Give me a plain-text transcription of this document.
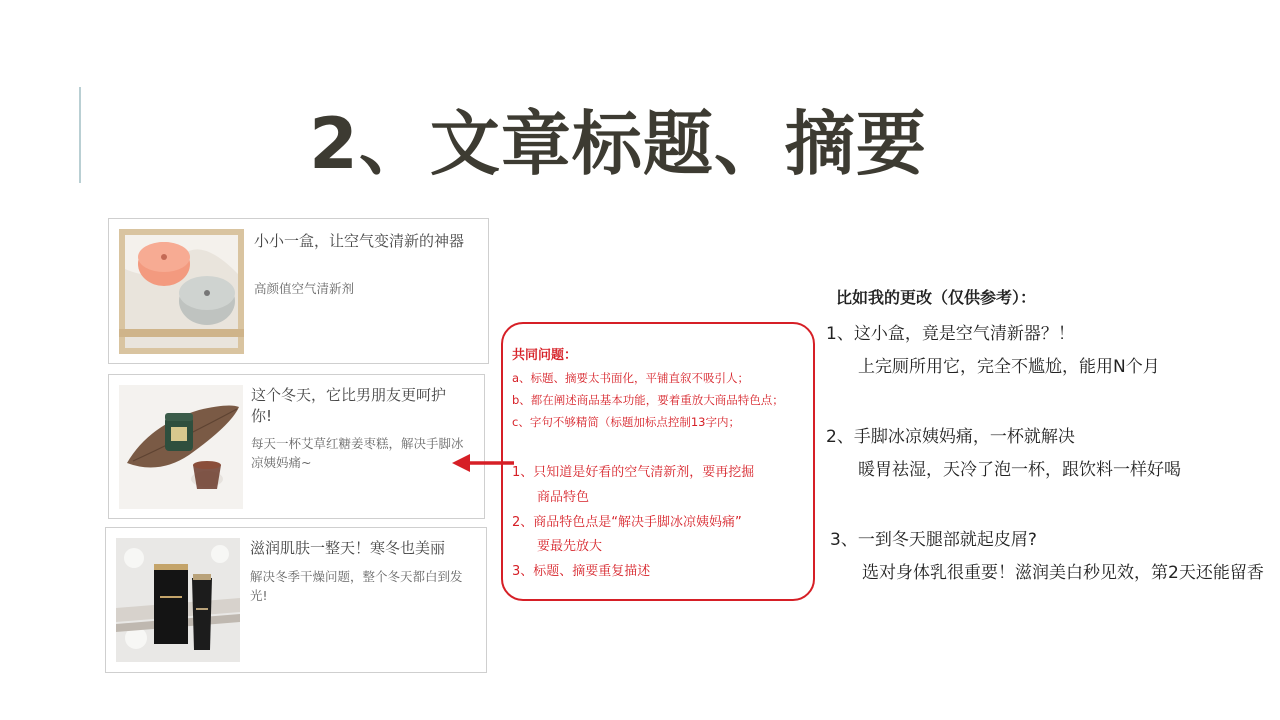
2、文章标题、摘要
小小一盒，让空气变清新的神器
高颜值空气清新剂
这个冬天，它比男朋友更呵护你!
每天一杯艾草红糖姜枣糕，解决手脚冰凉姨妈痛~
滋润肌肤一整天！寒冬也美丽
解决冬季干燥问题，整个冬天都白到发光!
共同问题：
a、标题、摘要太书面化，平铺直叙不吸引人；
b、都在阐述商品基本功能，要着重放大商品特色点；
c、字句不够精简（标题加标点控制13字内；
1、只知道是好看的空气清新剂，要再挖掘
商品特色
2、商品特色点是“解决手脚冰凉姨妈痛”
要最先放大
3、标题、摘要重复描述
比如我的更改（仅供参考）：
1、这小盒，竟是空气清新器？！
上完厕所用它，完全不尴尬，能用N个月
2、手脚冰凉姨妈痛，一杯就解决
暖胃祛湿，天冷了泡一杯，跟饮料一样好喝
3、一到冬天腿部就起皮屑?
选对身体乳很重要！滋润美白秒见效，第2天还能留香
